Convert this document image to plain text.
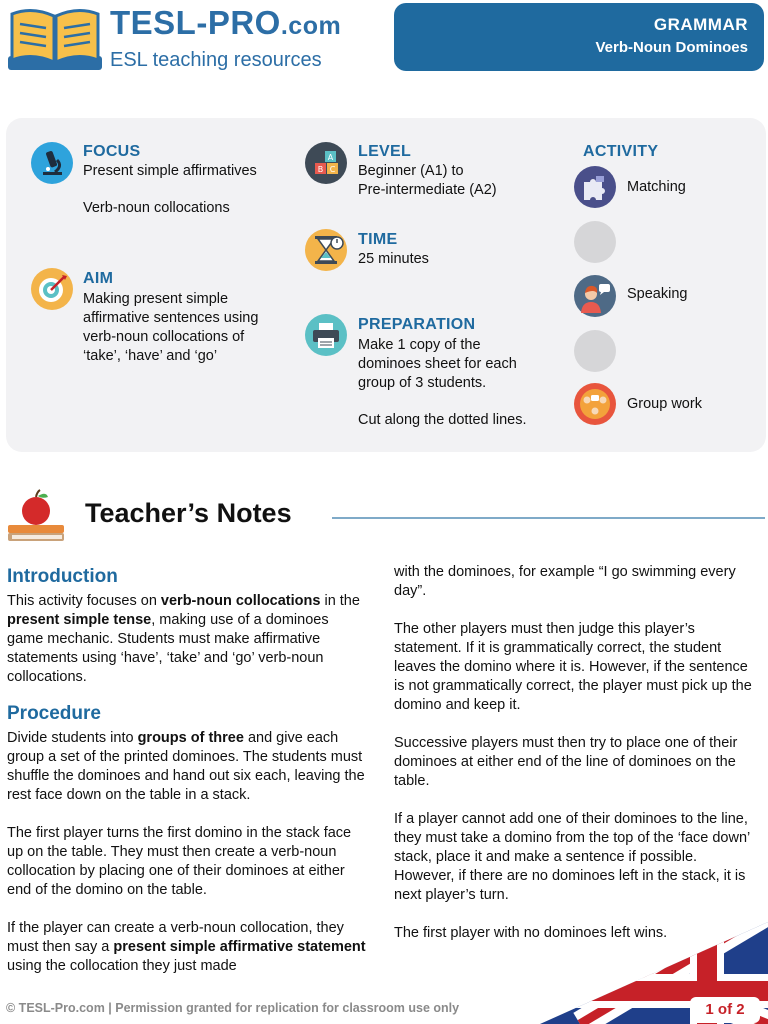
TESL-PRO.com
ESL teaching resources
GRAMMAR
Verb-Noun Dominoes
FOCUS
Present simple affirmatives
Verb-noun collocations
AIM
Making present simple
affirmative sentences using
verb-noun collocations of
‘take’, ‘have’ and ‘go’
A
B C
LEVEL
Beginner (A1) to
Pre-intermediate (A2)
TIME
25 minutes
PREPARATION
Make 1 copy of the
dominoes sheet for each
group of 3 students.
Cut along the dotted lines.
ACTIVITY
Matching
Speaking
Group work
Teacher’s Notes
Introduction
This activity focuses on verb-noun collocations in the present simple tense, making use of a dominoes game mechanic. Students must make affirmative statements using ‘have’, ‘take’ and ‘go’ verb-noun collocations.
Procedure
Divide students into groups of three and give each group a set of the printed dominoes. The students must shuffle the dominoes and hand out six each, leaving the rest face down on the table in a stack.
The first player turns the first domino in the stack face up on the table. They must then create a verb-noun collocation by placing one of their dominoes at either end of the domino on the table.
If the player can create a verb-noun collocation, they must then say a present simple affirmative statement using the collocation they just made
with the dominoes, for example “I go swimming every day”.
The other players must then judge this player’s statement. If it is grammatically correct, the student leaves the domino where it is. However, if the sentence is not grammatically correct, the player must pick up the domino and keep it.
Successive players must then try to place one of their dominoes at either end of the line of dominoes on the table.
If a player cannot add one of their dominoes to the line, they must take a domino from the top of the ‘face down’ stack, place it and make a sentence if possible. However, if there are no dominoes left in the stack, it is next player’s turn.
The first player with no dominoes left wins.
© TESL-Pro.com | Permission granted for replication for classroom use only	1 of 2
